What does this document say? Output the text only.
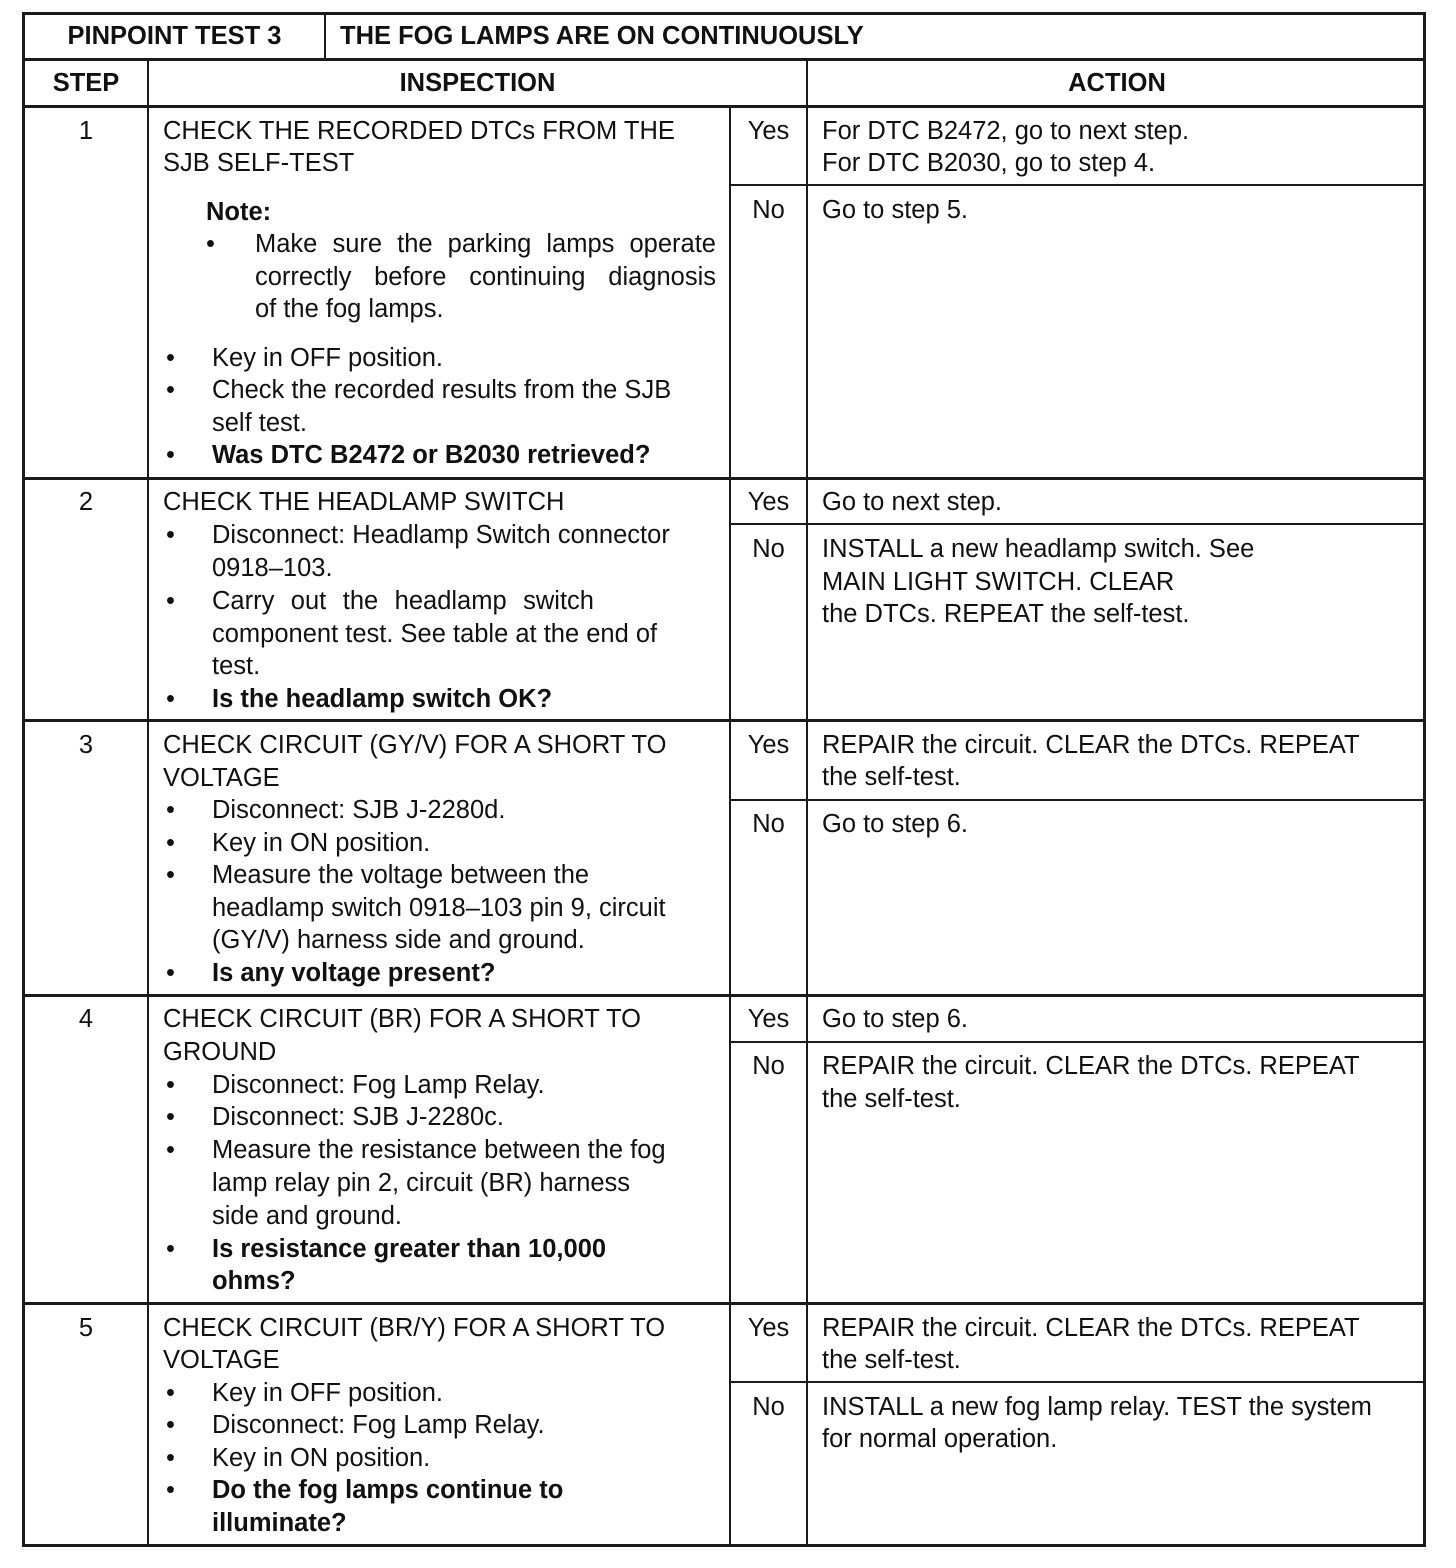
PINPOINT TEST 3	THE FOG LAMPS ARE ON CONTINUOUSLY
STEP	INSPECTION	ACTION
1	CHECK THE RECORDED DTCs FROM THE
SJB SELF-TEST
Note:
• Make sure the parking lamps operate
correctly before continuing diagnosis
of the fog lamps.
• Key in OFF position.
• Check the recorded results from the SJB
self test.
• Was DTC B2472 or B2030 retrieved?
Yes	For DTC B2472, go to next step.
For DTC B2030, go to step 4.
No	Go to step 5.
2	CHECK THE HEADLAMP SWITCH
• Disconnect: Headlamp Switch connector
0918–103.
• Carry out the headlamp switch
component test. See table at the end of
test.
• Is the headlamp switch OK?
Yes	Go to next step.
No	INSTALL a new headlamp switch. See
MAIN LIGHT SWITCH. CLEAR
the DTCs. REPEAT the self-test.
3	CHECK CIRCUIT (GY/V) FOR A SHORT TO
VOLTAGE
• Disconnect: SJB J-2280d.
• Key in ON position.
• Measure the voltage between the
headlamp switch 0918–103 pin 9, circuit
(GY/V) harness side and ground.
• Is any voltage present?
Yes	REPAIR the circuit. CLEAR the DTCs. REPEAT
the self-test.
No	Go to step 6.
4	CHECK CIRCUIT (BR) FOR A SHORT TO
GROUND
• Disconnect: Fog Lamp Relay.
• Disconnect: SJB J-2280c.
• Measure the resistance between the fog
lamp relay pin 2, circuit (BR) harness
side and ground.
• Is resistance greater than 10,000
ohms?
Yes	Go to step 6.
No	REPAIR the circuit. CLEAR the DTCs. REPEAT
the self-test.
5	CHECK CIRCUIT (BR/Y) FOR A SHORT TO
VOLTAGE
• Key in OFF position.
• Disconnect: Fog Lamp Relay.
• Key in ON position.
• Do the fog lamps continue to
illuminate?
Yes	REPAIR the circuit. CLEAR the DTCs. REPEAT
the self-test.
No	INSTALL a new fog lamp relay. TEST the system
for normal operation.
